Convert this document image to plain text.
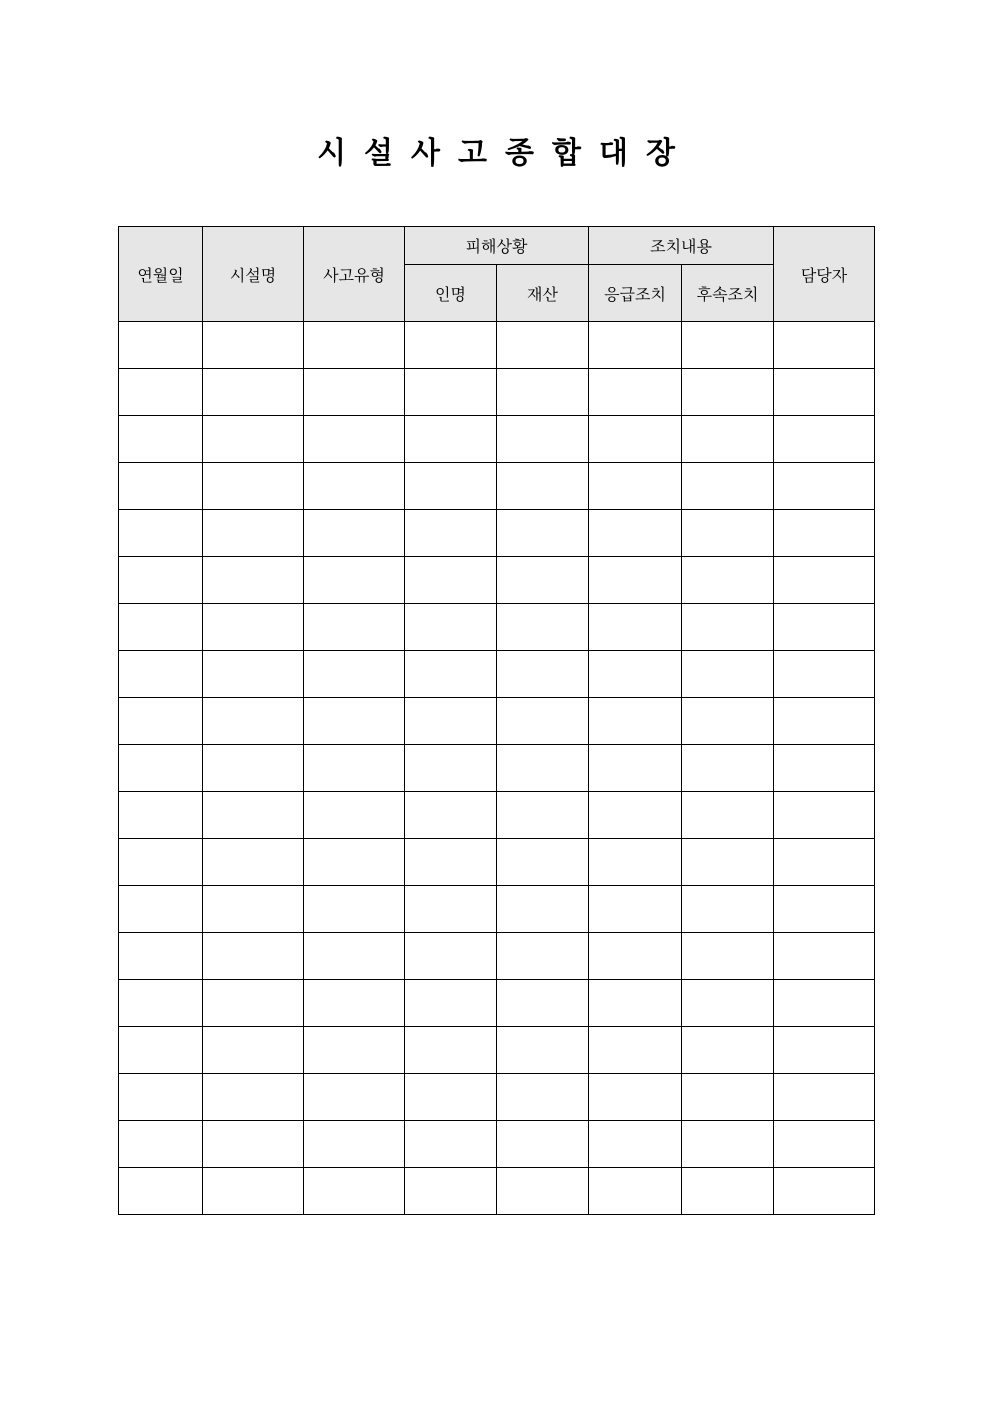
시설사고종합대장
연월일	시설명	사고유형	피해상황		조치내용		담당자
			인명	재산	응급조치	후속조치	
